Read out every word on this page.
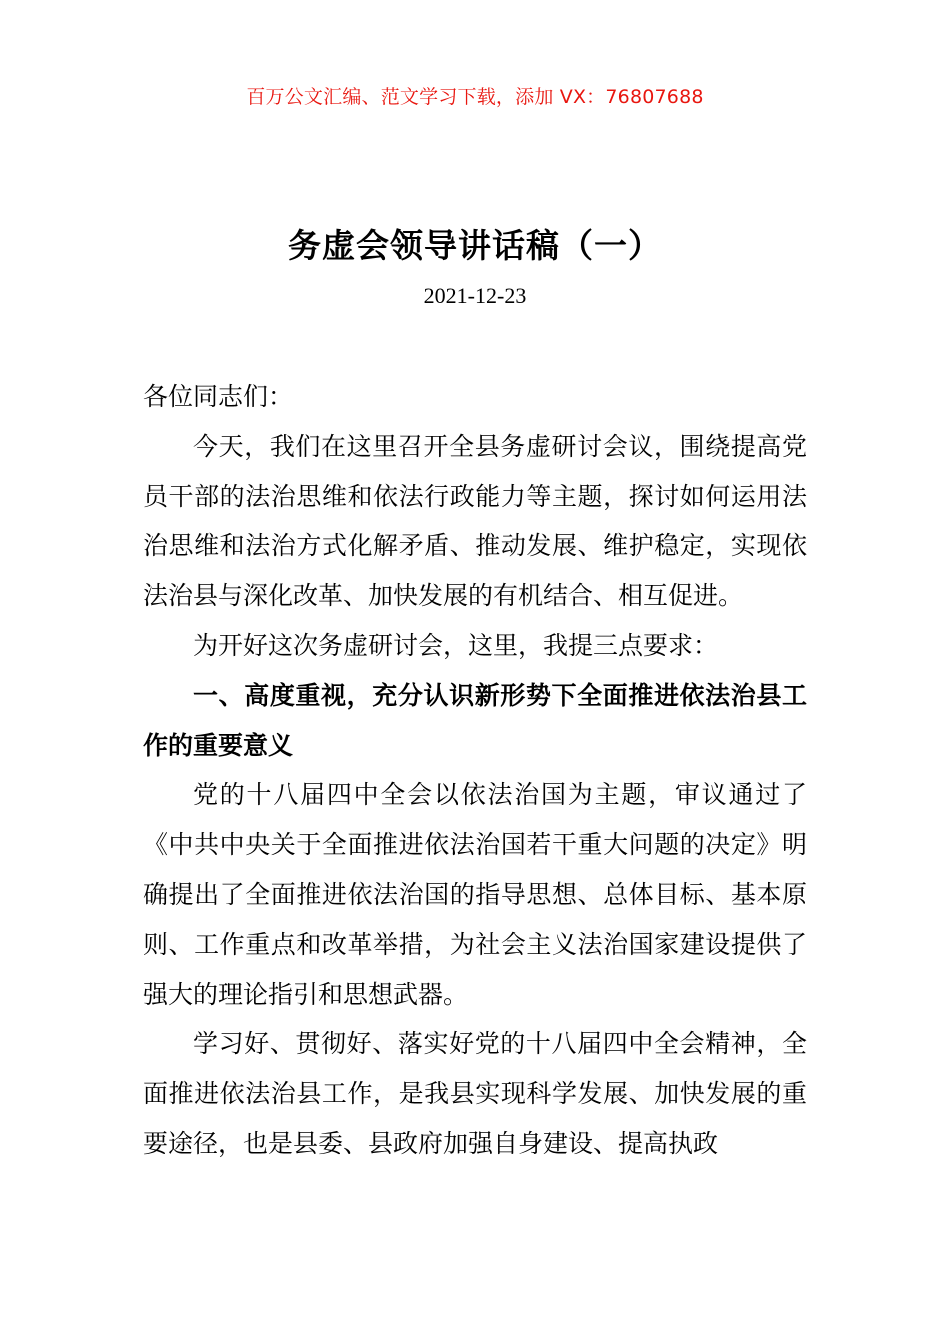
百万公文汇编、范文学习下载，添加 VX：76807688
务虚会领导讲话稿（一）
2021-12-23

各位同志们：

今天，我们在这里召开全县务虚研讨会议，围绕提高党员干部的法治思维和依法行政能力等主题，探讨如何运用法治思维和法治方式化解矛盾、推动发展、维护稳定，实现依法治县与深化改革、加快发展的有机结合、相互促进。

为开好这次务虚研讨会，这里，我提三点要求：

一、高度重视，充分认识新形势下全面推进依法治县工作的重要意义

党的十八届四中全会以依法治国为主题，审议通过了《中共中央关于全面推进依法治国若干重大问题的决定》明确提出了全面推进依法治国的指导思想、总体目标、基本原则、工作重点和改革举措，为社会主义法治国家建设提供了强大的理论指引和思想武器。

学习好、贯彻好、落实好党的十八届四中全会精神，全面推进依法治县工作，是我县实现科学发展、加快发展的重要途径，也是县委、县政府加强自身建设、提高执政
